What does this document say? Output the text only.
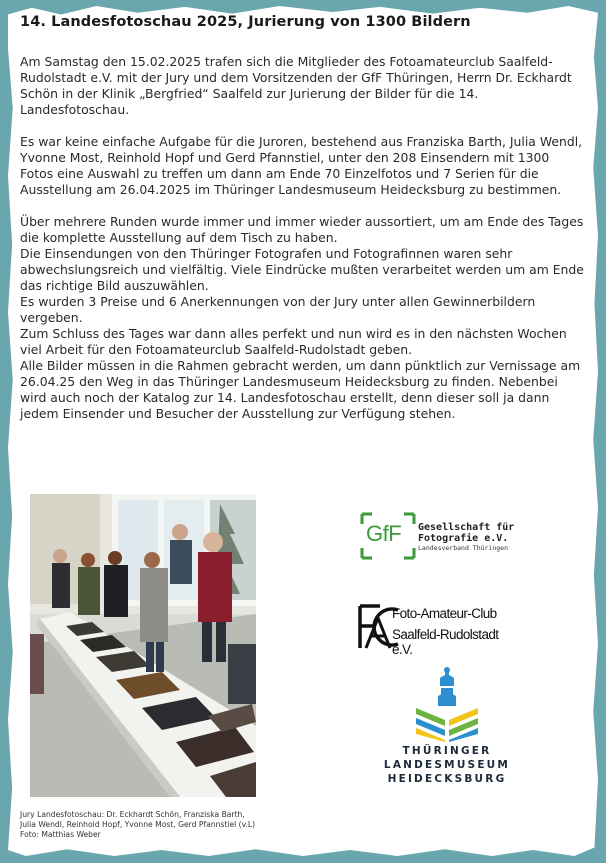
14. Landesfotoschau 2025, Jurierung von 1300 Bildern

Am Samstag den 15.02.2025 trafen sich die Mitglieder des Fotoamateurclub Saalfeld-Rudolstadt e.V. mit der Jury und dem Vorsitzenden der GfF Thüringen, Herrn Dr. Eckhardt Schön in der Klinik „Bergfried“ Saalfeld zur Jurierung der Bilder für die 14. Landesfotoschau.

Es war keine einfache Aufgabe für die Juroren, bestehend aus Franziska Barth, Julia Wendl, Yvonne Most, Reinhold Hopf und Gerd Pfannstiel, unter den 208 Einsendern mit 1300 Fotos eine Auswahl zu treffen um dann am Ende 70 Einzelfotos und 7 Serien für die Ausstellung am 26.04.2025 im Thüringer Landesmuseum Heidecksburg zu bestimmen.

Über mehrere Runden wurde immer und immer wieder aussortiert, um am Ende des Tages die komplette Ausstellung auf dem Tisch zu haben.

Die Einsendungen von den Thüringer Fotografen und Fotografinnen waren sehr abwechslungsreich und vielfältig. Viele Eindrücke mußten verarbeitet werden um am Ende das richtige Bild auszuwählen.

Es wurden 3 Preise und 6 Anerkennungen von der Jury unter allen Gewinnerbildern vergeben.

Zum Schluss des Tages war dann alles perfekt und nun wird es in den nächsten Wochen viel Arbeit für den Fotoamateurclub Saalfeld-Rudolstadt geben.

Alle Bilder müssen in die Rahmen gebracht werden, um dann pünktlich zur Vernissage am 26.04.25 den Weg in das Thüringer Landesmuseum Heidecksburg zu finden. Nebenbei wird auch noch der Katalog zur 14. Landesfotoschau erstellt, denn dieser soll ja dann jedem Einsender und Besucher der Ausstellung zur Verfügung stehen.

Jury Landesfotoschau: Dr. Eckhardt Schön, Franziska Barth,
Julia Wendl, Reinhold Hopf, Yvonne Most, Gerd Pfannstiel (v.L)
Foto: Matthias Weber
GfF Gesellschaft für
Fotografie e.V.
Landesverband Thüringen
Foto-Amateur-Club
Saalfeld-Rudolstadt e.V.
THÜRINGER
LANDESMUSEUM
HEIDECKSBURG
